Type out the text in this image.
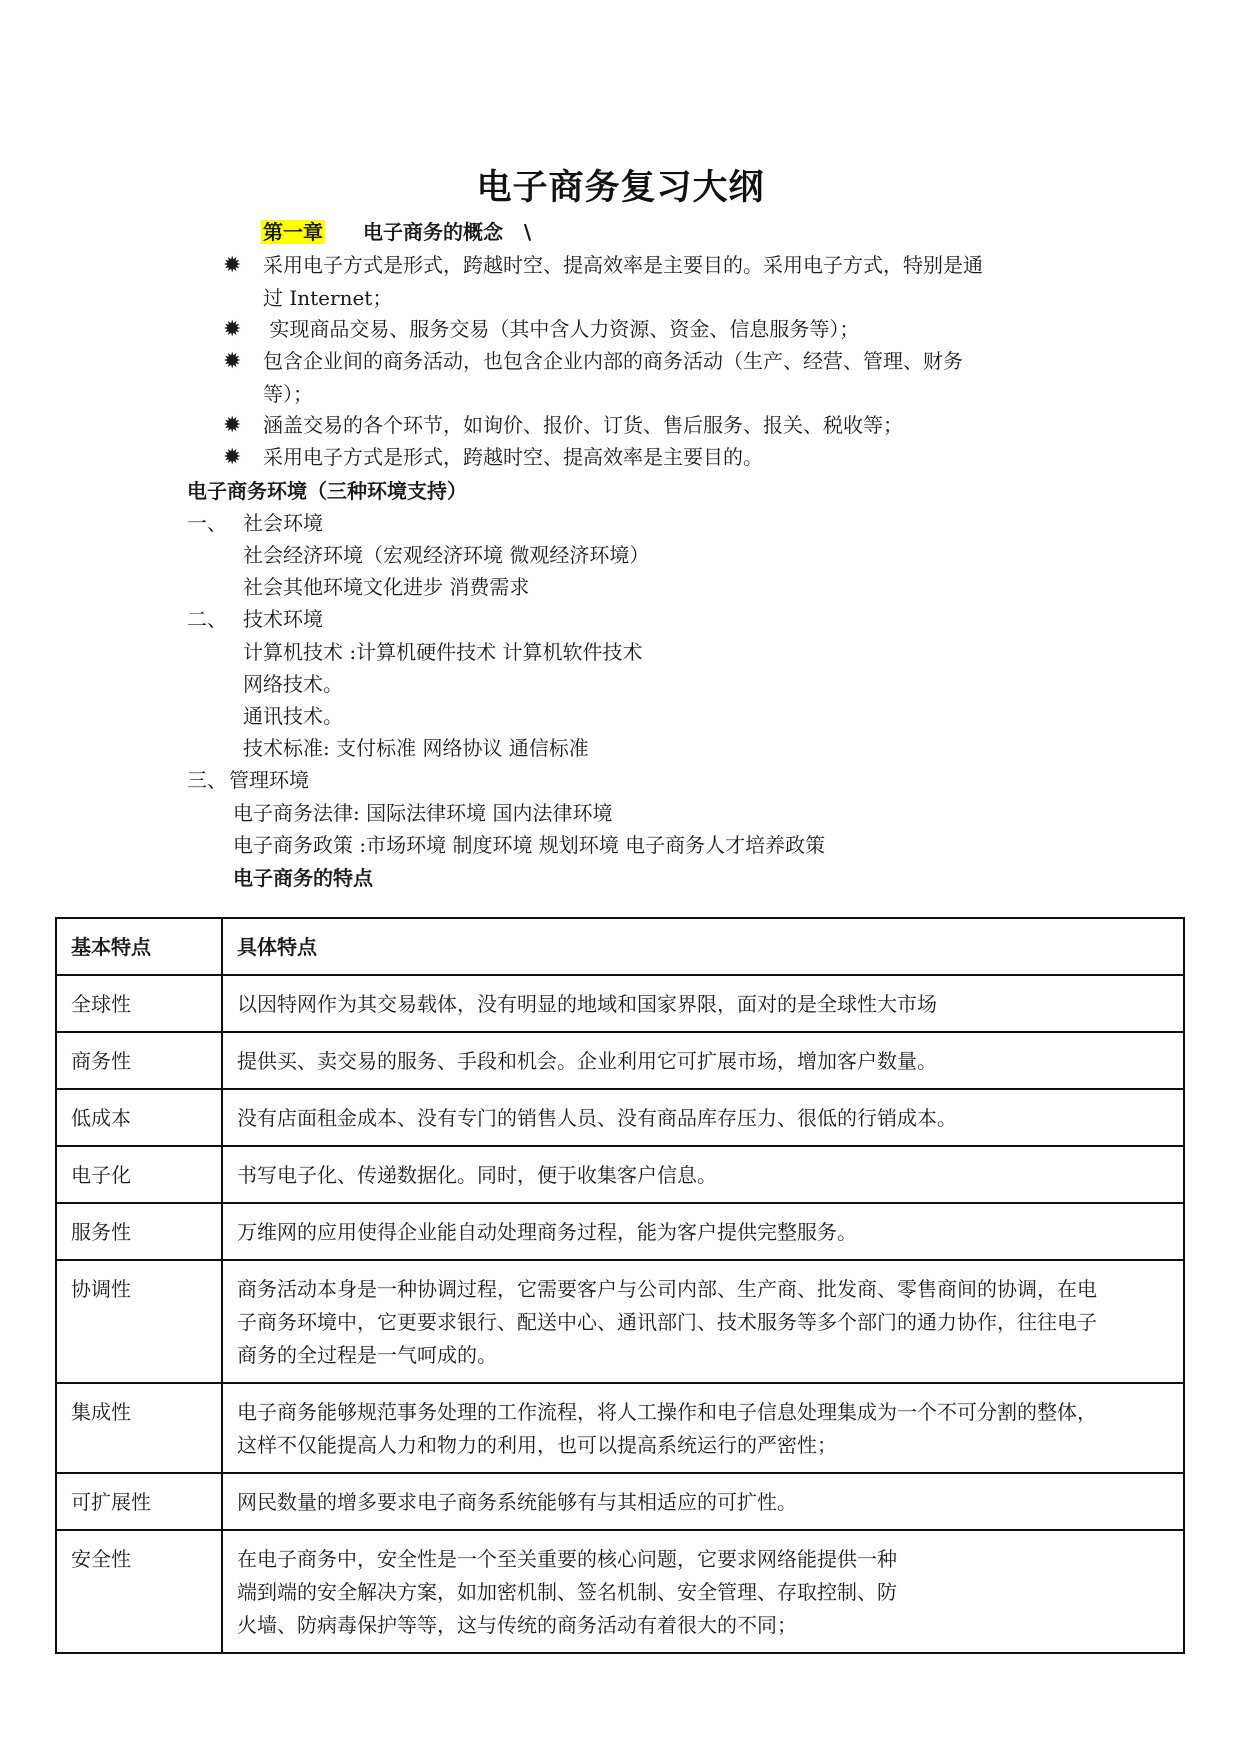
电子商务复习大纲
第一章 电子商务的概念 \
✹ 采用电子方式是形式，跨越时空、提高效率是主要目的。采用电子方式，特别是通
过 Internet；
✹ 实现商品交易、服务交易（其中含人力资源、资金、信息服务等）；
✹ 包含企业间的商务活动，也包含企业内部的商务活动（生产、经营、管理、财务
等）；
✹ 涵盖交易的各个环节，如询价、报价、订货、售后服务、报关、税收等；
✹ 采用电子方式是形式，跨越时空、提高效率是主要目的。
电子商务环境（三种环境支持）
一、 社会环境
社会经济环境（宏观经济环境 微观经济环境）
社会其他环境文化进步 消费需求
二、 技术环境
计算机技术 :计算机硬件技术 计算机软件技术
网络技术。
通讯技术。
技术标准: 支付标准 网络协议 通信标准
三、 管理环境
电子商务法律: 国际法律环境 国内法律环境
电子商务政策 :市场环境 制度环境 规划环境 电子商务人才培养政策
电子商务的特点
基本特点	具体特点
全球性	以因特网作为其交易载体，没有明显的地域和国家界限，面对的是全球性大市场

商务性	提供买、卖交易的服务、手段和机会。企业利用它可扩展市场，增加客户数量。

低成本	没有店面租金成本、没有专门的销售人员、没有商品库存压力、很低的行销成本。

电子化	书写电子化、传递数据化。同时，便于收集客户信息。

服务性	万维网的应用使得企业能自动处理商务过程，能为客户提供完整服务。

协调性	商务活动本身是一种协调过程，它需要客户与公司内部、生产商、批发商、零售商间的协调，在电
子商务环境中，它更要求银行、配送中心、通讯部门、技术服务等多个部门的通力协作，往往电子
商务的全过程是一气呵成的。

集成性	电子商务能够规范事务处理的工作流程，将人工操作和电子信息处理集成为一个不可分割的整体，
这样不仅能提高人力和物力的利用，也可以提高系统运行的严密性；

可扩展性	网民数量的增多要求电子商务系统能够有与其相适应的可扩性。

安全性	在电子商务中，安全性是一个至关重要的核心问题，它要求网络能提供一种
端到端的安全解决方案，如加密机制、签名机制、安全管理、存取控制、防
火墙、防病毒保护等等，这与传统的商务活动有着很大的不同；
